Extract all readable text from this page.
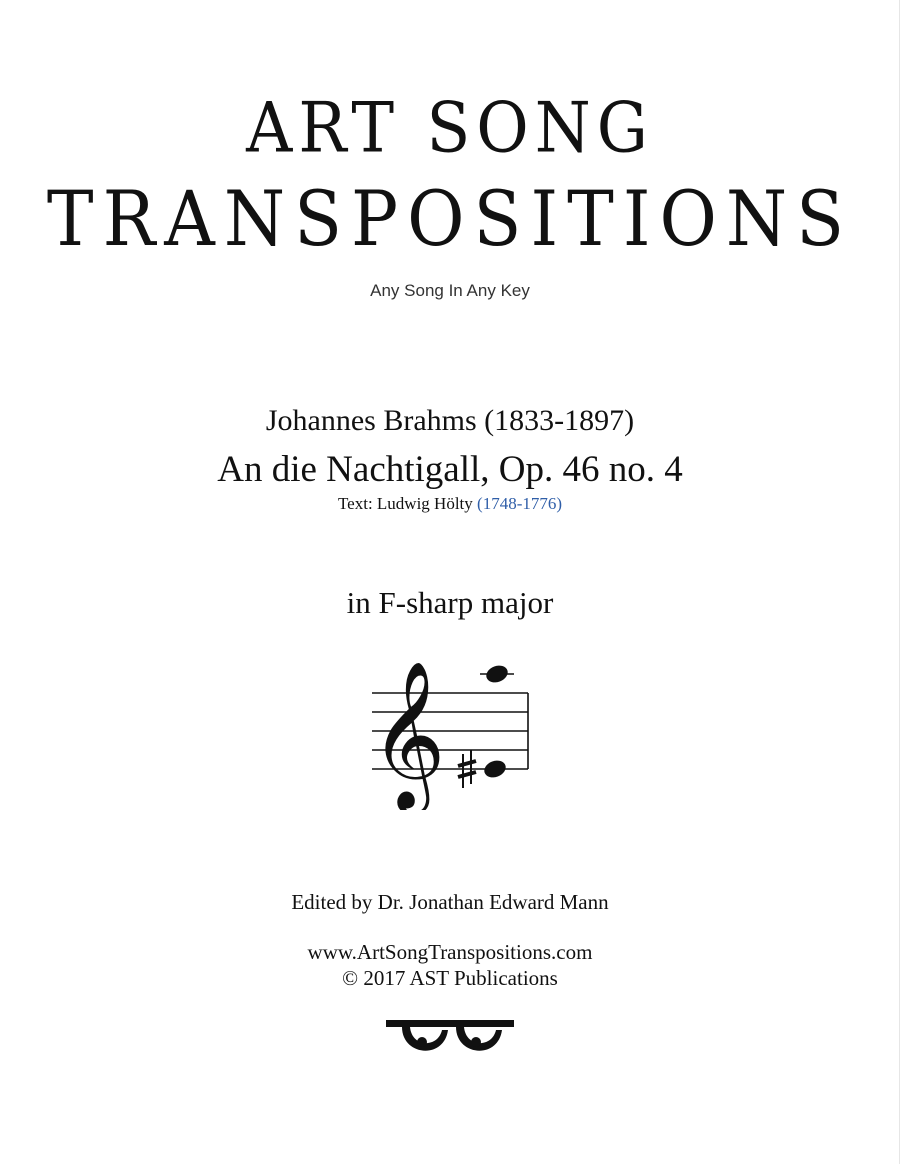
ART SONG
TRANSPOSITIONS
Any Song In Any Key
Johannes Brahms (1833-1897)
An die Nachtigall, Op. 46 no. 4
Text: Ludwig Hölty (1748-1776)
in F-sharp major
𝄞
Edited by Dr. Jonathan Edward Mann
www.ArtSongTranspositions.com
© 2017 AST Publications
